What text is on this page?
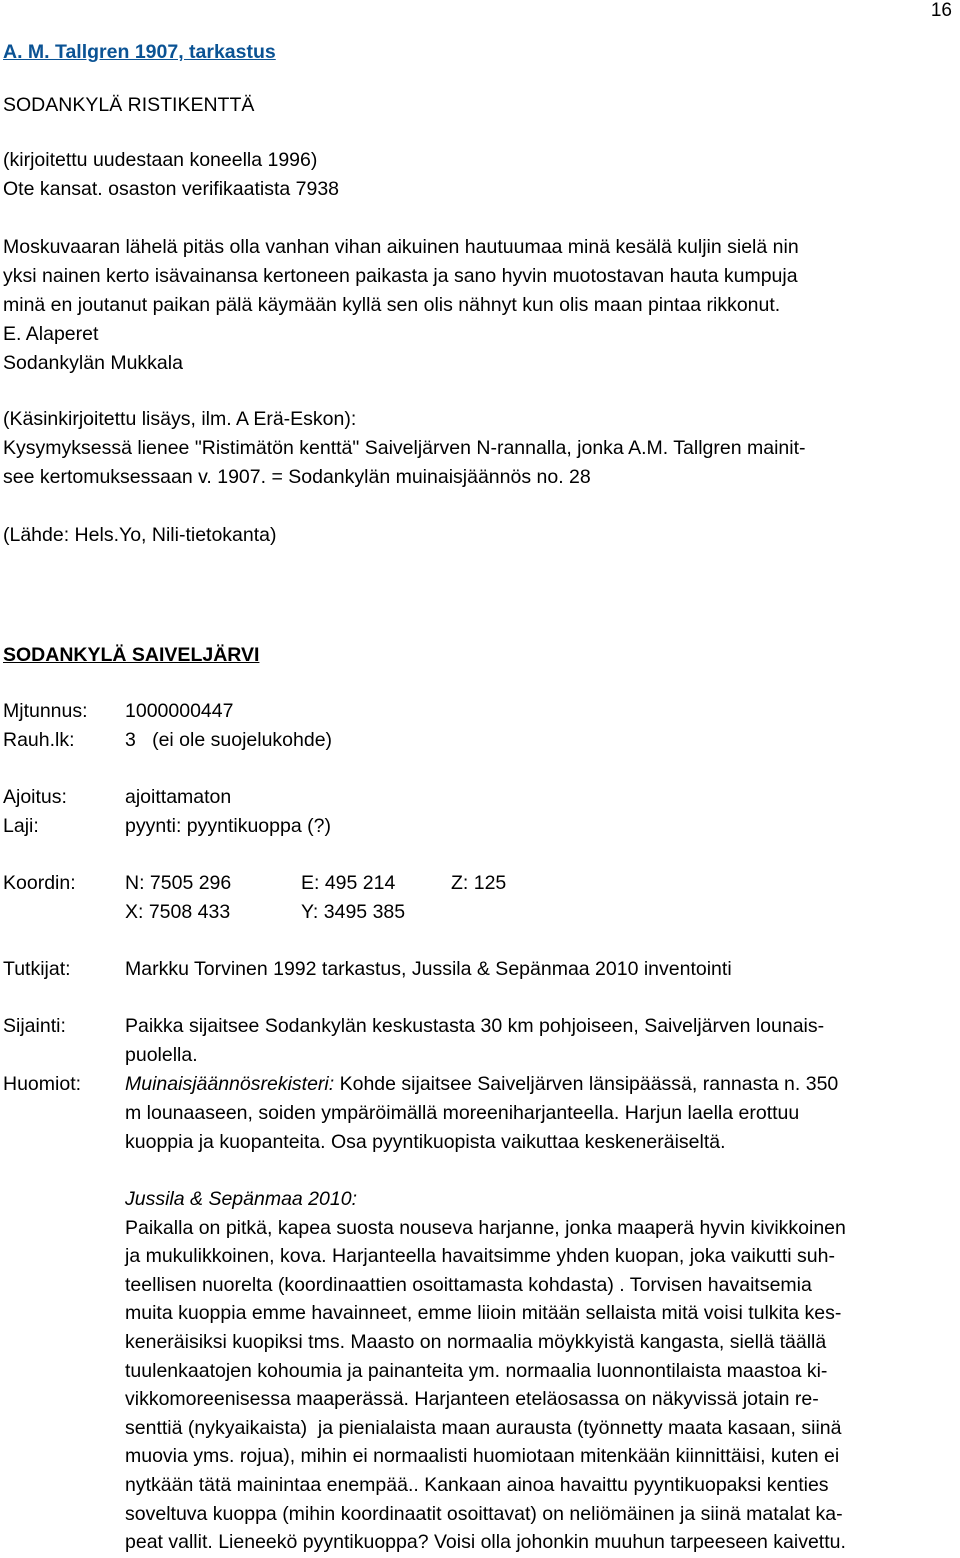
16
A. M. Tallgren 1907, tarkastus
SODANKYLÄ RISTIKENTTÄ
(kirjoitettu uudestaan koneella 1996)
Ote kansat. osaston verifikaatista 7938
Moskuvaaran lähelä pitäs olla vanhan vihan aikuinen hautuumaa minä kesälä kuljin sielä nin
yksi nainen kerto isävainansa kertoneen paikasta ja sano hyvin muotostavan hauta kumpuja
minä en joutanut paikan pälä käymään kyllä sen olis nähnyt kun olis maan pintaa rikkonut.
E. Alaperet
Sodankylän Mukkala
(Käsinkirjoitettu lisäys, ilm. A Erä-Eskon):
Kysymyksessä lienee "Ristimätön kenttä" Saiveljärven N-rannalla, jonka A.M. Tallgren mainit-
see kertomuksessaan v. 1907. = Sodankylän muinaisjäännös no. 28
(Lähde: Hels.Yo, Nili-tietokanta)
SODANKYLÄ SAIVELJÄRVI
Mjtunnus:	1000000447
Rauh.lk:	3   (ei ole suojelukohde)
Ajoitus:	ajoittamaton
Laji:	pyynti: pyyntikuoppa (?)
Koordin:	N: 7505 296	E: 495 214	Z: 125
X: 7508 433	Y: 3495 385
Tutkijat:	Markku Torvinen 1992 tarkastus, Jussila & Sepänmaa 2010 inventointi
Sijainti:	Paikka sijaitsee Sodankylän keskustasta 30 km pohjoiseen, Saiveljärven lounais-
puolella.
Huomiot:	Muinaisjäännösrekisteri: Kohde sijaitsee Saiveljärven länsipäässä, rannasta n. 350
m lounaaseen, soiden ympäröimällä moreeniharjanteella. Harjun laella erottuu
kuoppia ja kuopanteita. Osa pyyntikuopista vaikuttaa keskeneräiseltä.
Jussila & Sepänmaa 2010:
Paikalla on pitkä, kapea suosta nouseva harjanne, jonka maaperä hyvin kivikkoinen
ja mukulikkoinen, kova. Harjanteella havaitsimme yhden kuopan, joka vaikutti suh-
teellisen nuorelta (koordinaattien osoittamasta kohdasta) . Torvisen havaitsemia
muita kuoppia emme havainneet, emme liioin mitään sellaista mitä voisi tulkita kes-
keneräisiksi kuopiksi tms. Maasto on normaalia möykkyistä kangasta, siellä täällä
tuulenkaatojen kohoumia ja painanteita ym. normaalia luonnontilaista maastoa ki-
vikkomoreenisessa maaperässä. Harjanteen eteläosassa on näkyvissä jotain re-
senttiä (nykyaikaista)  ja pienialaista maan aurausta (työnnetty maata kasaan, siinä
muovia yms. rojua), mihin ei normaalisti huomiotaan mitenkään kiinnittäisi, kuten ei
nytkään tätä mainintaa enempää.. Kankaan ainoa havaittu pyyntikuopaksi kenties
soveltuva kuoppa (mihin koordinaatit osoittavat) on neliömäinen ja siinä matalat ka-
peat vallit. Lieneekö pyyntikuoppa? Voisi olla johonkin muuhun tarpeeseen kaivettu.
